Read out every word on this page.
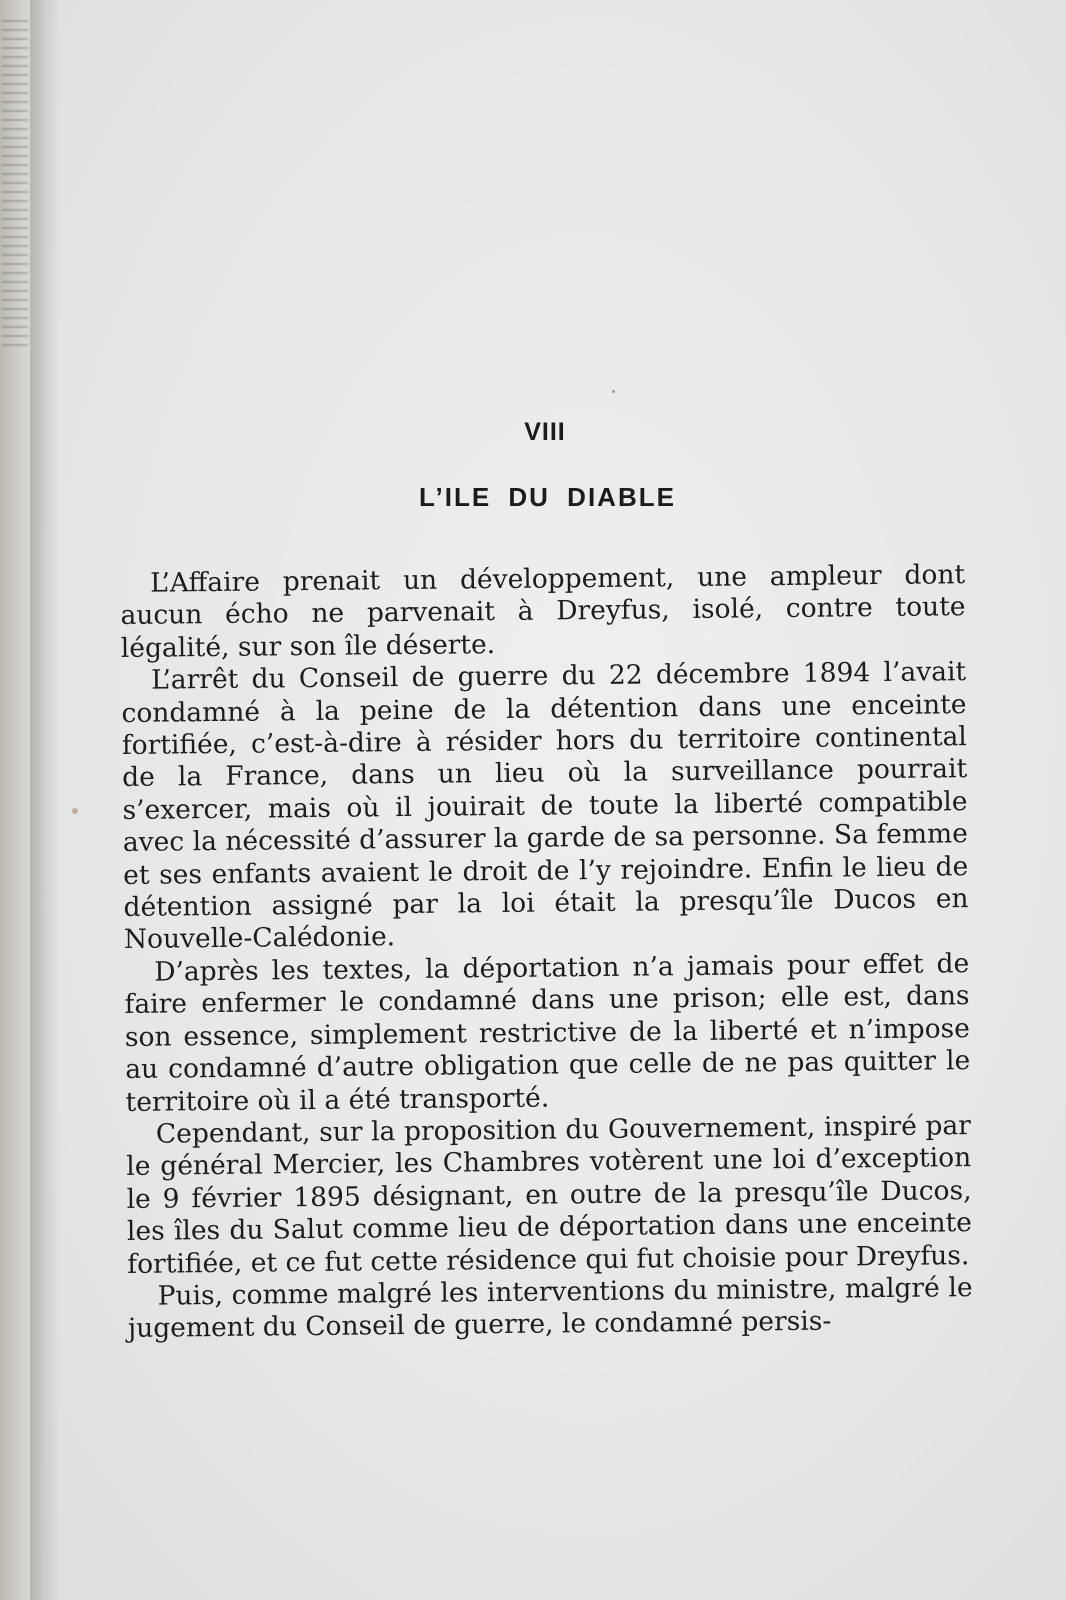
VIII
L’ILE DU DIABLE

L’Affaire prenait un développement, une ampleur dont aucun écho ne parvenait à Dreyfus, isolé, contre toute légalité, sur son île déserte.

L’arrêt du Conseil de guerre du 22 décembre 1894 l’avait condamné à la peine de la détention dans une enceinte fortifiée, c’est-à-dire à résider hors du territoire continental de la France, dans un lieu où la surveillance pourrait s’exercer, mais où il jouirait de toute la liberté compatible avec la nécessité d’assurer la garde de sa personne. Sa femme et ses enfants avaient le droit de l’y rejoindre. Enfin le lieu de détention assigné par la loi était la presqu’île Ducos en Nouvelle-Calédonie.

D’après les textes, la déportation n’a jamais pour effet de faire enfermer le condamné dans une prison; elle est, dans son essence, simplement restrictive de la liberté et n’impose au condamné d’autre obligation que celle de ne pas quitter le territoire où il a été transporté.

Cependant, sur la proposition du Gouvernement, inspiré par le général Mercier, les Chambres votèrent une loi d’exception le 9 février 1895 désignant, en outre de la presqu’île Ducos, les îles du Salut comme lieu de déportation dans une enceinte fortifiée, et ce fut cette résidence qui fut choisie pour Dreyfus.

Puis, comme malgré les interventions du ministre, malgré le jugement du Conseil de guerre, le condamné persis-
